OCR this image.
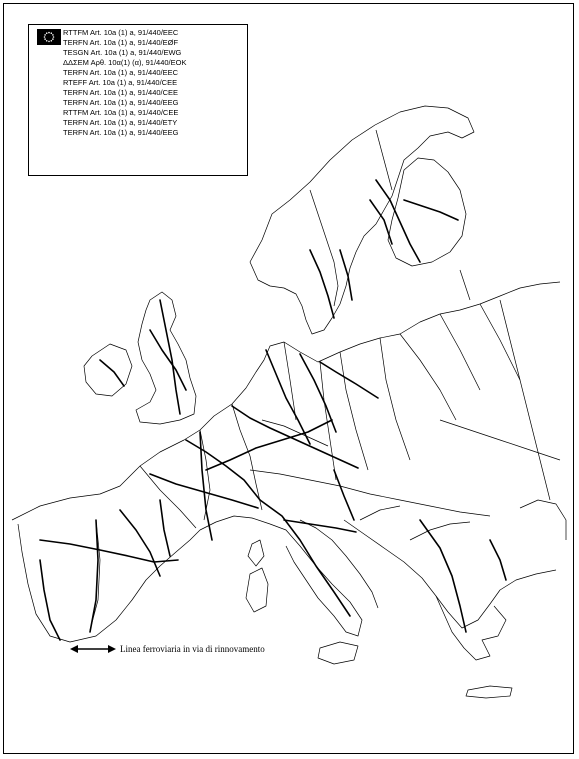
RTTFM Art. 10a (1) a, 91/440/EEC
TERFN Art. 10a (1) a, 91/440/EØF
TESGN Art. 10a (1) a, 91/440/EWG
ΔΔΣΕΜ Αρθ. 10α(1) (α), 91/440/ΕΟΚ
TERFN Art. 10a (1) a, 91/440/EEC
RTEFF Art. 10a (1) a, 91/440/CEE
TERFN Art. 10a (1) a, 91/440/CEE
TERFN Art. 10a (1) a, 91/440/EEG
RTTFM Art. 10a (1) a, 91/440/CEE
TERFN Art. 10a (1) a, 91/440/ETY
TERFN Art. 10a (1) a, 91/440/EEG
Linea ferroviaria in via di rinnovamento
